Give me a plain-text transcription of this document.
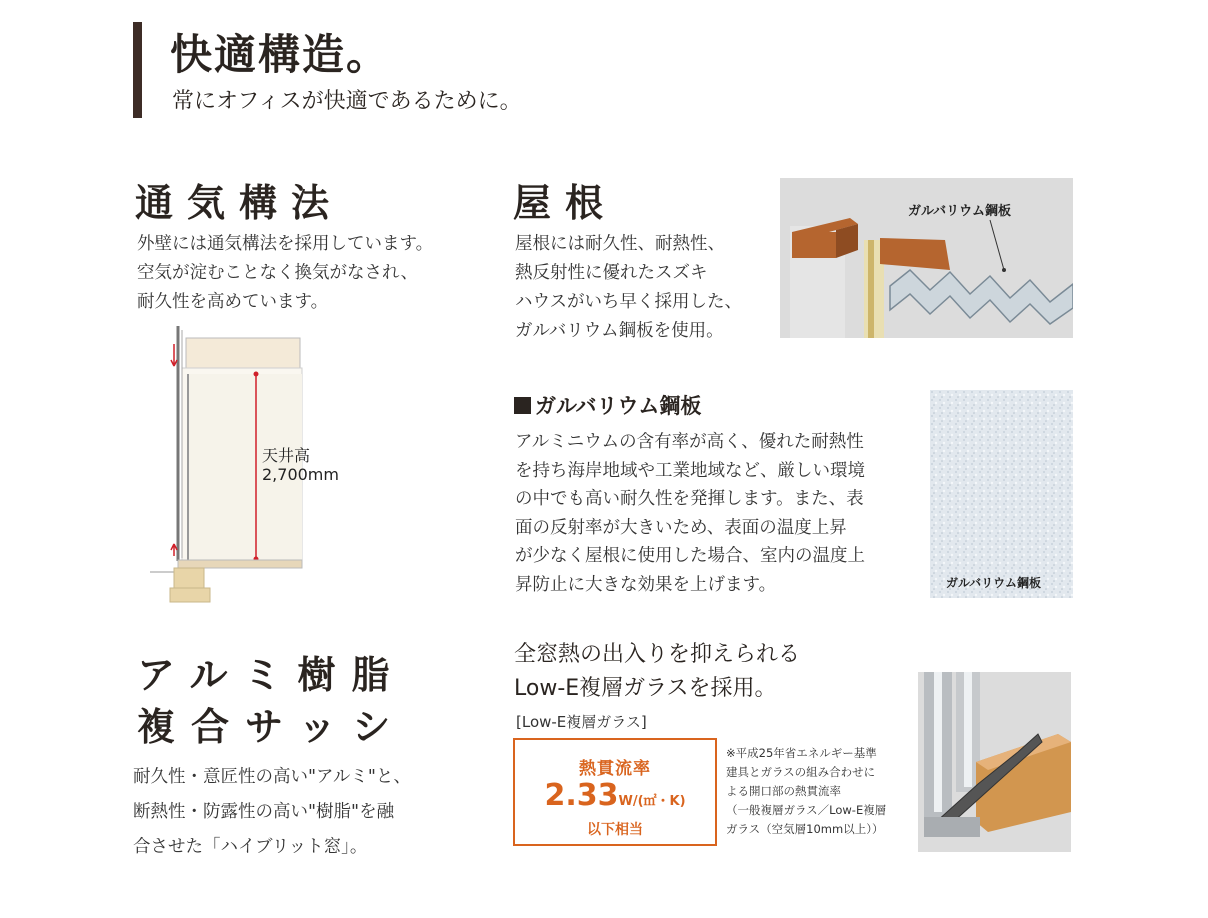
快適構造。
常にオフィスが快適であるために。
通気構法
外壁には通気構法を採用しています。
空気が淀むことなく換気がなされ、
耐久性を高めています。
天井高
2,700mm
屋根
屋根には耐久性、耐熱性、
熱反射性に優れたスズキ
ハウスがいち早く採用した、
ガルバリウム鋼板を使用。
ガルバリウム鋼板
ガルバリウム鋼板
アルミニウムの含有率が高く、優れた耐熱性
を持ち海岸地域や工業地域など、厳しい環境
の中でも高い耐久性を発揮します。また、表
面の反射率が大きいため、表面の温度上昇
が少なく屋根に使用した場合、室内の温度上
昇防止に大きな効果を上げます。	ガルバリウム鋼板
アルミ樹脂
複合サッシ
耐久性・意匠性の高い"アルミ"と、
断熱性・防露性の高い"樹脂"を融
合させた「ハイブリット窓」。
全窓熱の出入りを抑えられる
Low-E複層ガラスを採用。
[Low-E複層ガラス]
熱貫流率
2.33W/(㎡・K)
以下相当
※平成25年省エネルギー基準
建具とガラスの組み合わせに
よる開口部の熱貫流率
（一般複層ガラス／Low-E複層
ガラス（空気層10mm以上））
